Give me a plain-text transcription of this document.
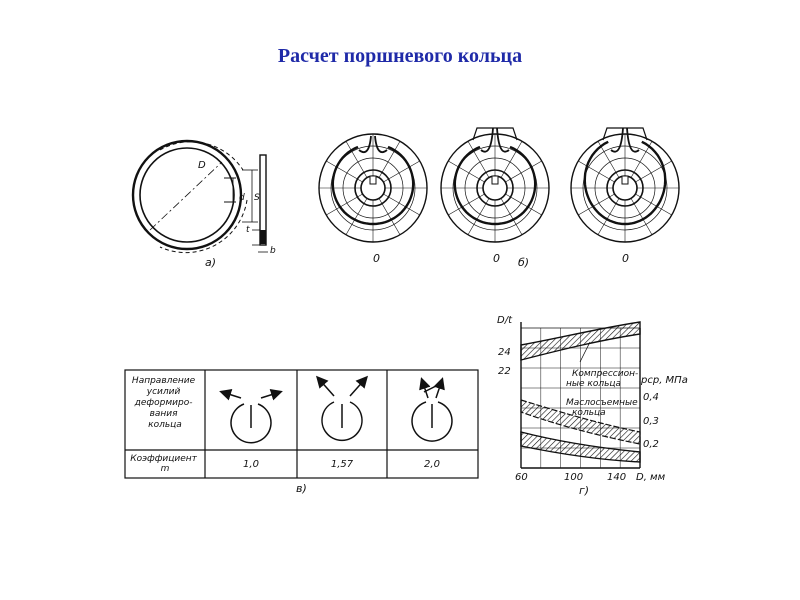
Расчет поршневого кольца
D
d S
t
b
а)	0	0	0
б)
Направление усилий деформиро- вания кольца
Коэффициент m	1,0	1,57	2,0
в)
D/t
24
22
pср, МПа
0,4
0,3
0,2
60	100 140 D, мм
Компрессион- ные кольца
Маслосъемные кольца
г)
